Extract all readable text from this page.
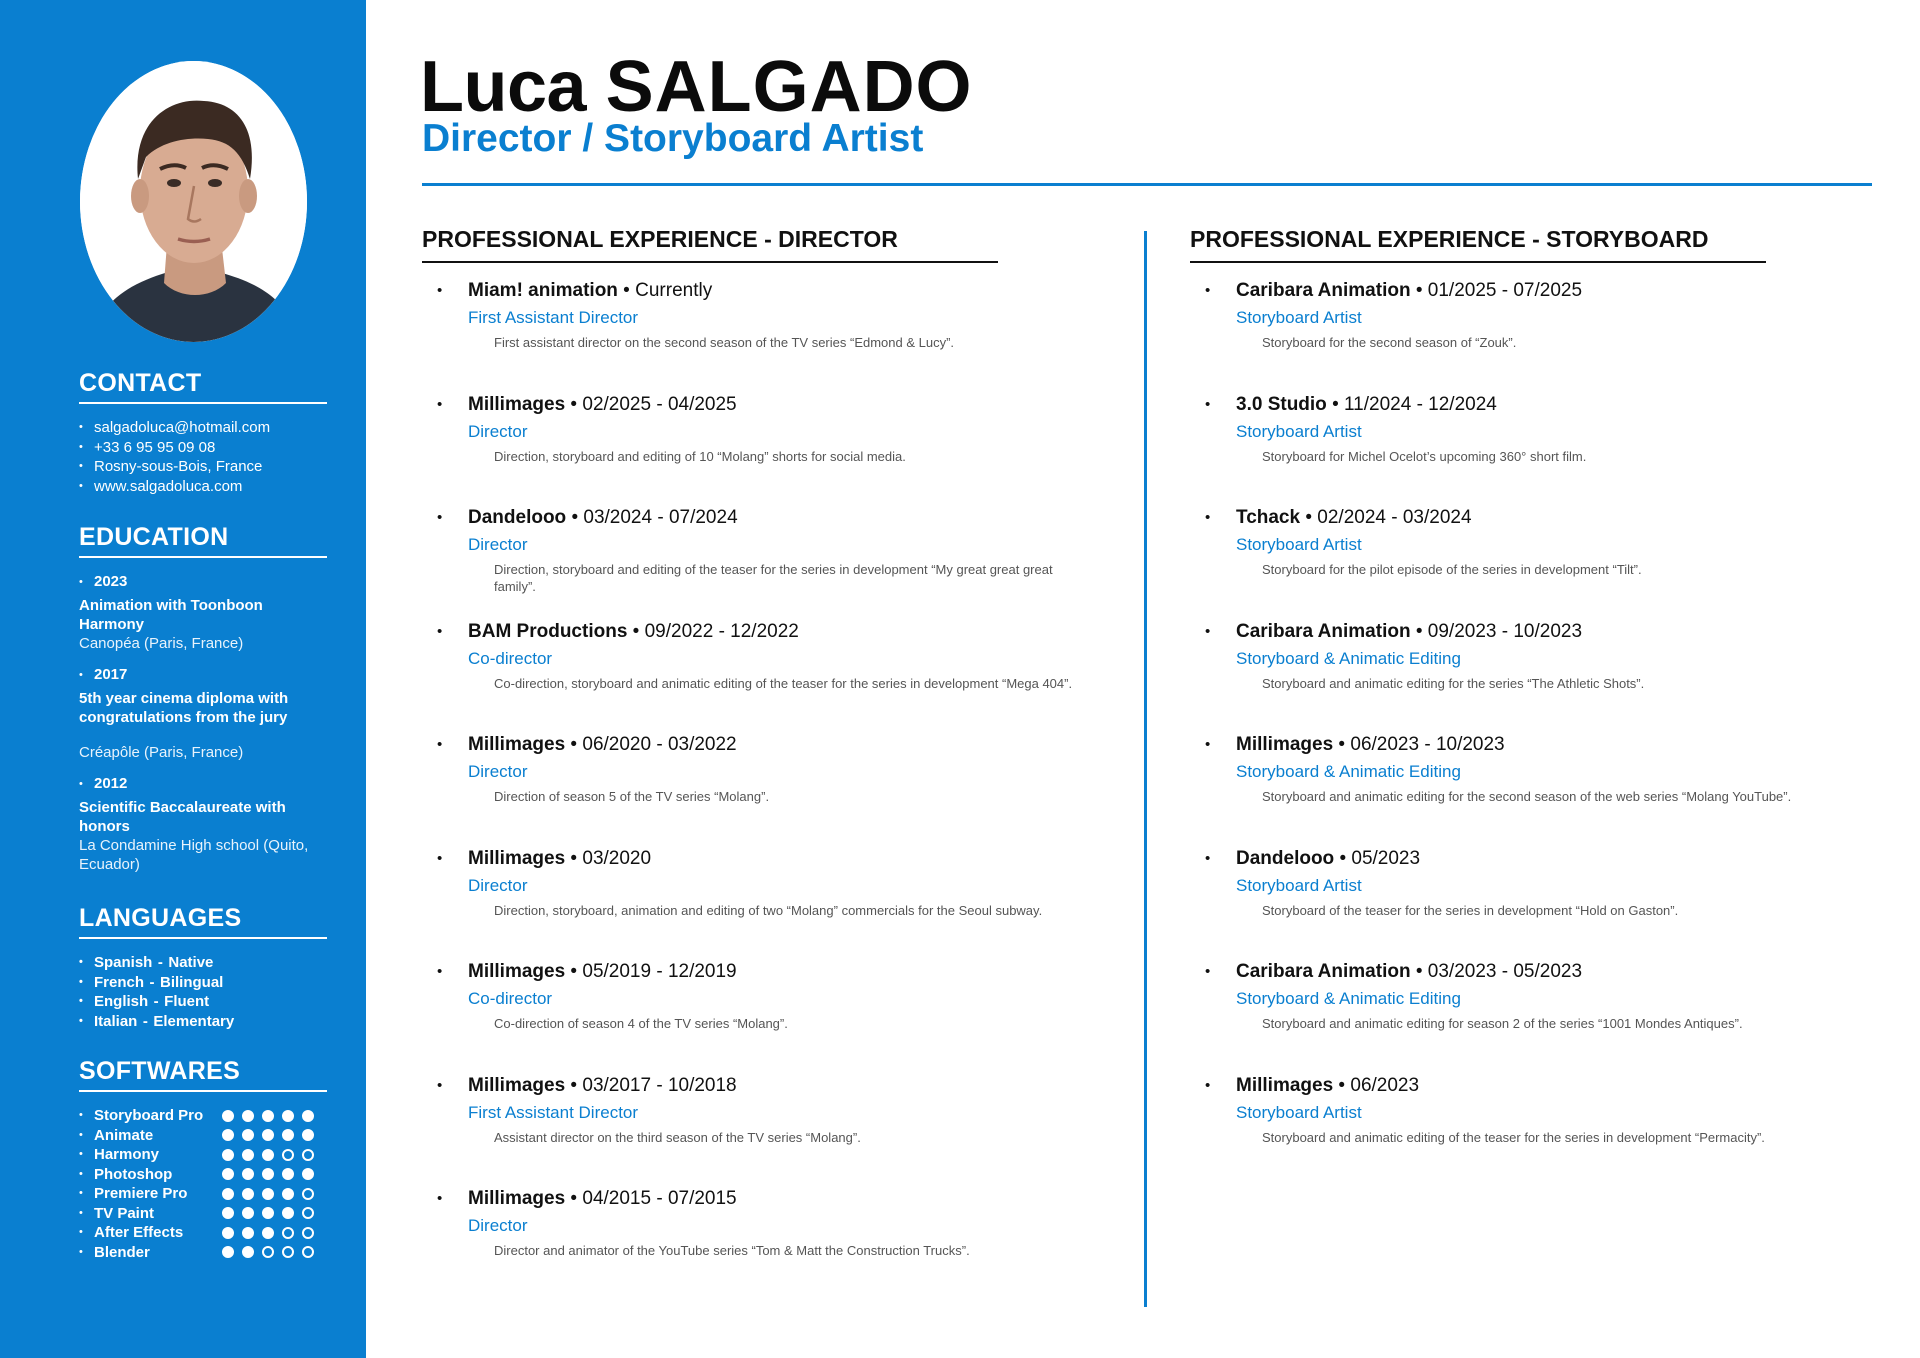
CONTACT
• salgadoluca@hotmail.com
• +33 6 95 95 09 08
• Rosny-sous-Bois, France
• www.salgadoluca.com
EDUCATION
• 2023
Animation with Toonboon Harmony
Canopéa (Paris, France)
• 2017
5th year cinema diploma with congratulations from the jury
Créapôle (Paris, France)
• 2012
Scientific Baccalaureate with honors
La Condamine High school (Quito, Ecuador)
LANGUAGES
• Spanish - Native
• French - Bilingual
• English - Fluent
• Italian - Elementary
SOFTWARES
• Storyboard Pro
• Animate
• Harmony
• Photoshop
• Premiere Pro
• TV Paint
• After Effects
• Blender
Luca SALGADO
Director / Storyboard Artist
PROFESSIONAL EXPERIENCE - DIRECTOR
• Miam! animation • Currently
First Assistant Director
First assistant director on the second season of the TV series “Edmond & Lucy”.
• Millimages • 02/2025 - 04/2025
Director
Direction, storyboard and editing of 10 “Molang” shorts for social media.
• Dandelooo • 03/2024 - 07/2024
Director
Direction, storyboard and editing of the teaser for the series in development “My great great great family”.
• BAM Productions • 09/2022 - 12/2022
Co-director
Co-direction, storyboard and animatic editing of the teaser for the series in development “Mega 404”.
• Millimages • 06/2020 - 03/2022
Director
Direction of season 5 of the TV series “Molang”.
• Millimages • 03/2020
Director
Direction, storyboard, animation and editing of two “Molang” commercials for the Seoul subway.
• Millimages • 05/2019 - 12/2019
Co-director
Co-direction of season 4 of the TV series “Molang”.
• Millimages • 03/2017 - 10/2018
First Assistant Director
Assistant director on the third season of the TV series “Molang”.
• Millimages • 04/2015 - 07/2015
Director
Director and animator of the YouTube series “Tom & Matt the Construction Trucks”.
PROFESSIONAL EXPERIENCE - STORYBOARD
• Caribara Animation • 01/2025 - 07/2025
Storyboard Artist
Storyboard for the second season of “Zouk”.
• 3.0 Studio • 11/2024 - 12/2024
Storyboard Artist
Storyboard for Michel Ocelot’s upcoming 360° short film.
• Tchack • 02/2024 - 03/2024
Storyboard Artist
Storyboard for the pilot episode of the series in development “Tilt”.
• Caribara Animation • 09/2023 - 10/2023
Storyboard & Animatic Editing
Storyboard and animatic editing for the series “The Athletic Shots”.
• Millimages • 06/2023 - 10/2023
Storyboard & Animatic Editing
Storyboard and animatic editing for the second season of the web series “Molang YouTube”.
• Dandelooo • 05/2023
Storyboard Artist
Storyboard of the teaser for the series in development “Hold on Gaston”.
• Caribara Animation • 03/2023 - 05/2023
Storyboard & Animatic Editing
Storyboard and animatic editing for season 2 of the series “1001 Mondes Antiques”.
• Millimages • 06/2023
Storyboard Artist
Storyboard and animatic editing of the teaser for the series in development “Permacity”.
